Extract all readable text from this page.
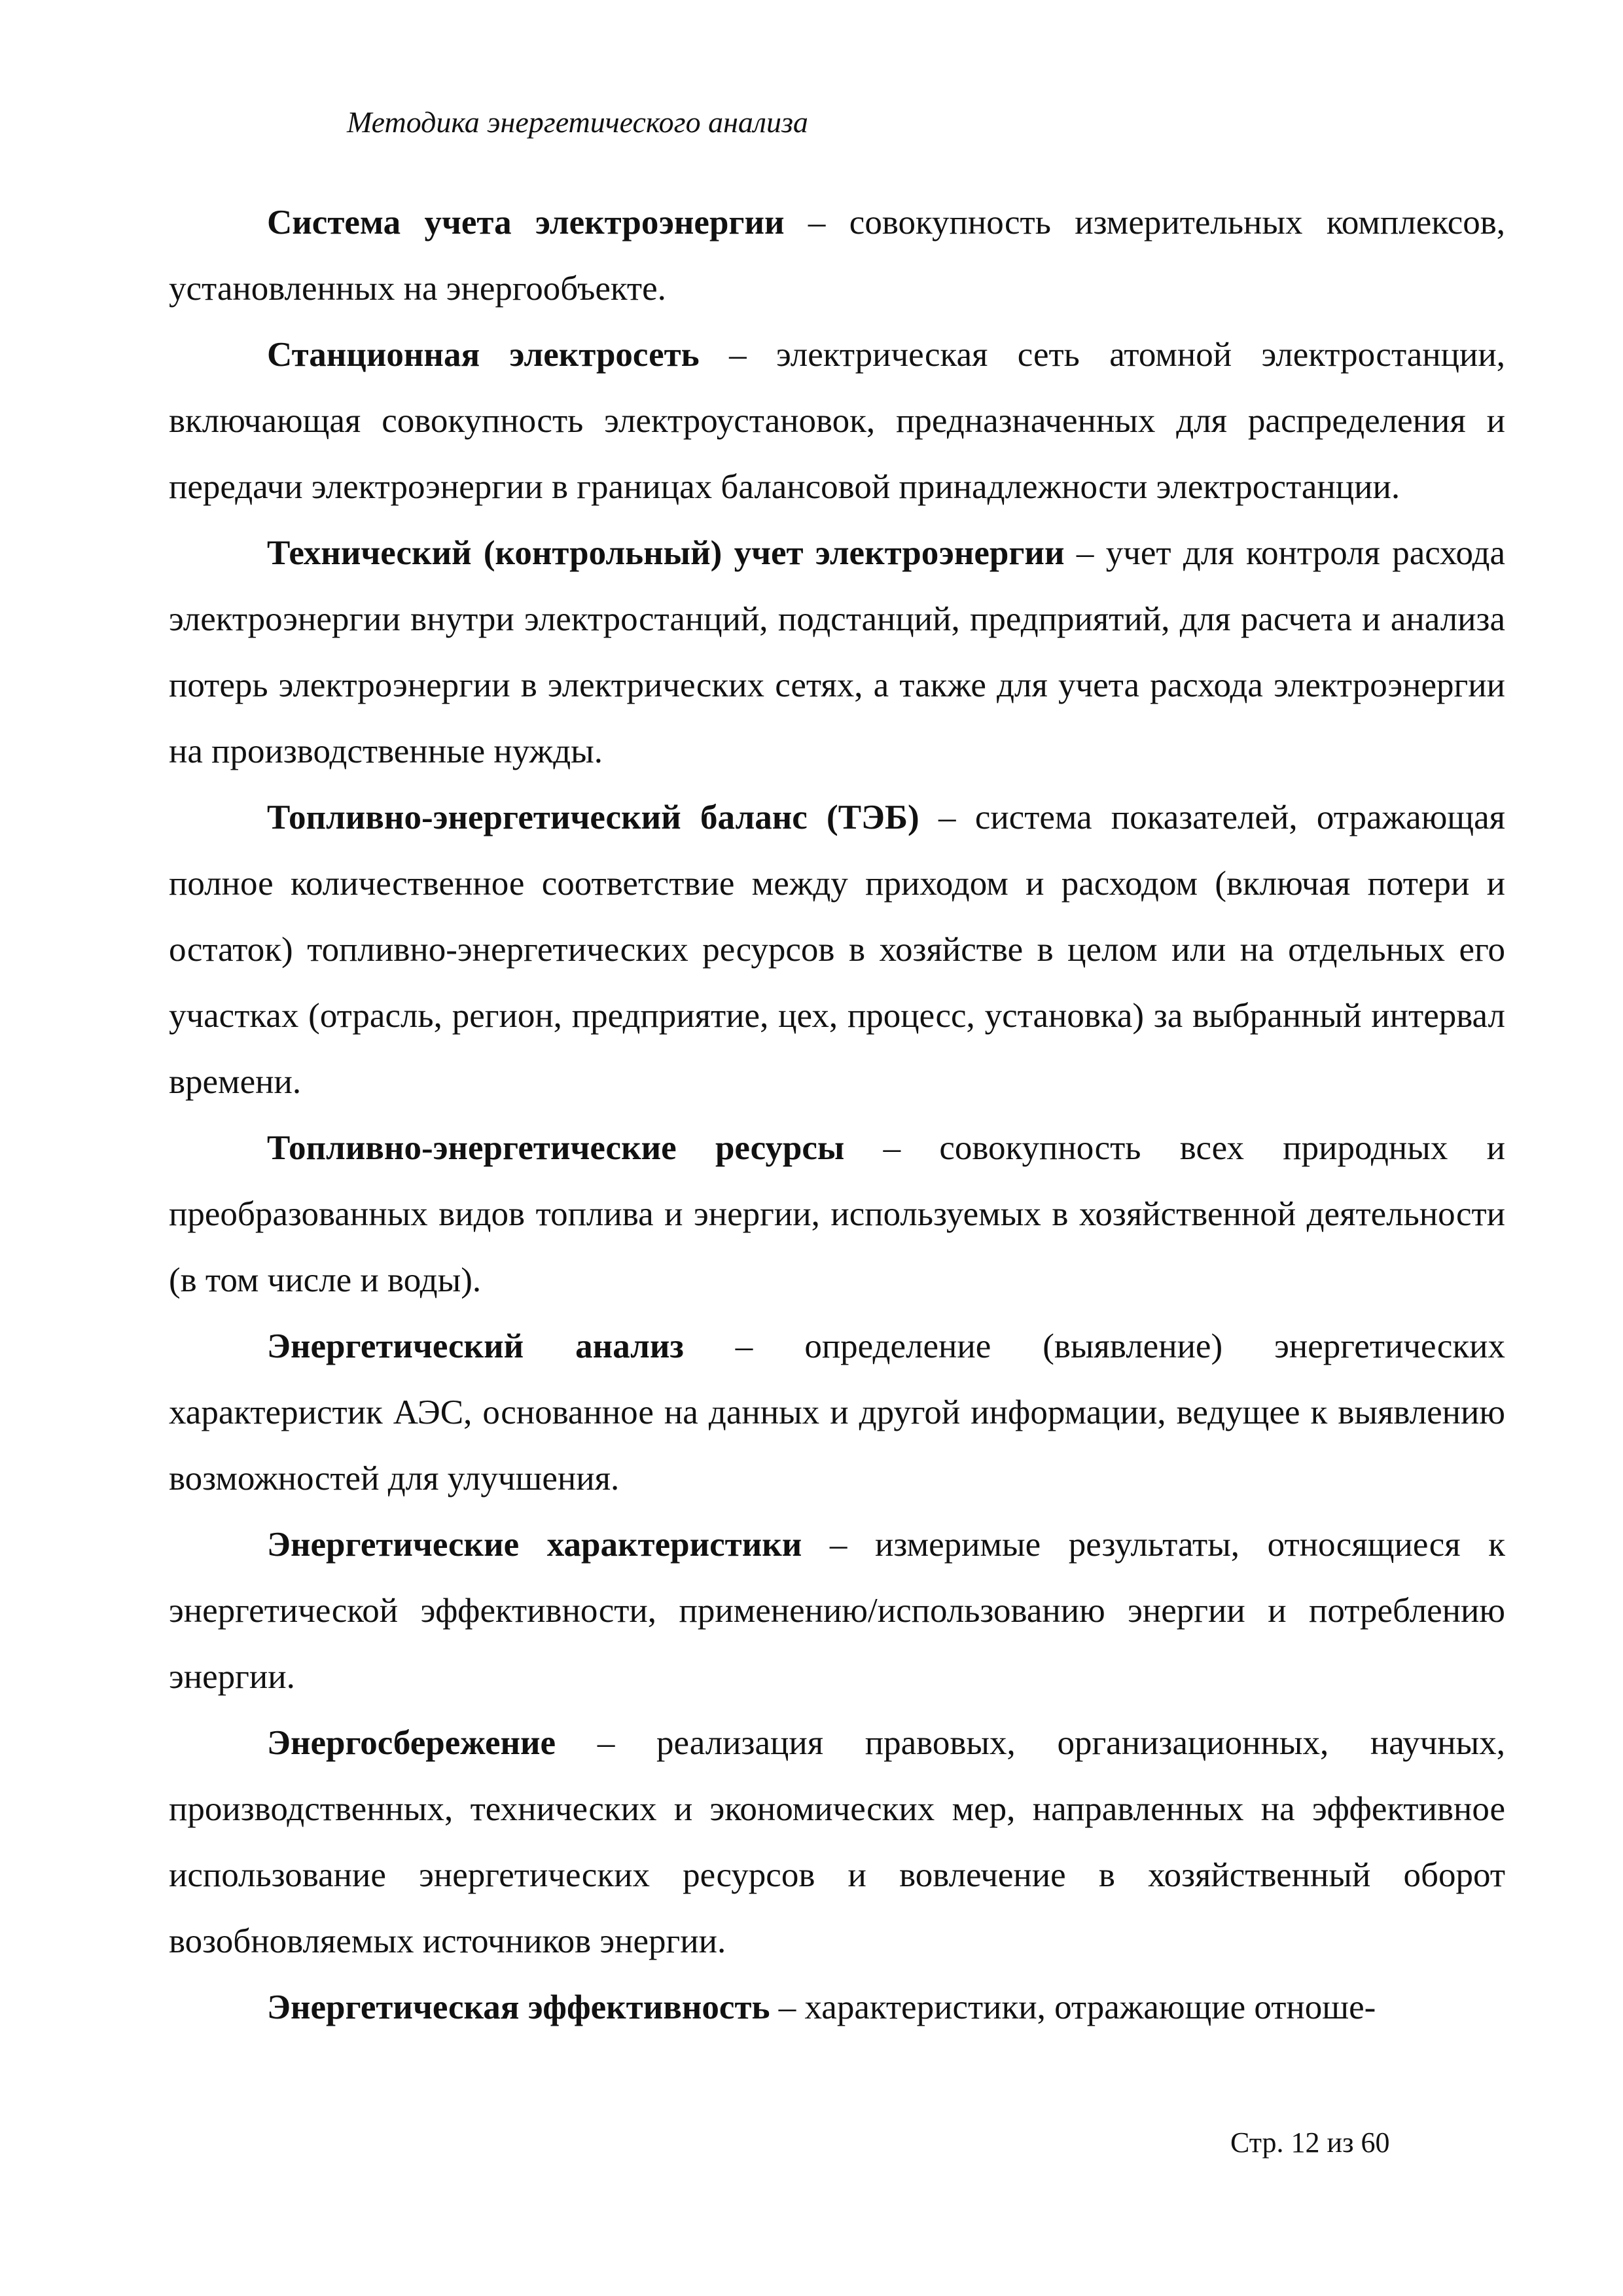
Методика энергетического анализа

Система учета электроэнергии – совокупность измерительных комплексов, установленных на энергообъекте.

Станционная электросеть – электрическая сеть атомной электростанции, включающая совокупность электроустановок, предназначенных для распределения и передачи электроэнергии в границах балансовой принадлежности электростанции.

Технический (контрольный) учет электроэнергии – учет для контроля расхода электроэнергии внутри электростанций, подстанций, предприятий, для расчета и анализа потерь электроэнергии в электрических сетях, а также для учета расхода электроэнергии на производственные нужды.

Топливно-энергетический баланс (ТЭБ) – система показателей, отражающая полное количественное соответствие между приходом и расходом (включая потери и остаток) топливно-энергетических ресурсов в хозяйстве в целом или на отдельных его участках (отрасль, регион, предприятие, цех, процесс, установка) за выбранный интервал времени.

Топливно-энергетические ресурсы – совокупность всех природных и преобразованных видов топлива и энергии, используемых в хозяйственной деятельности (в том числе и воды).

Энергетический анализ – определение (выявление) энергетических характеристик АЭС, основанное на данных и другой информации, ведущее к выявлению возможностей для улучшения.

Энергетические характеристики – измеримые результаты, относящиеся к энергетической эффективности, применению/использованию энергии и потреблению энергии.

Энергосбережение – реализация правовых, организационных, научных, производственных, технических и экономических мер, направленных на эффективное использование энергетических ресурсов и вовлечение в хозяйственный оборот возобновляемых источников энергии.

Энергетическая эффективность – характеристики, отражающие отноше-

Стр. 12 из 60
